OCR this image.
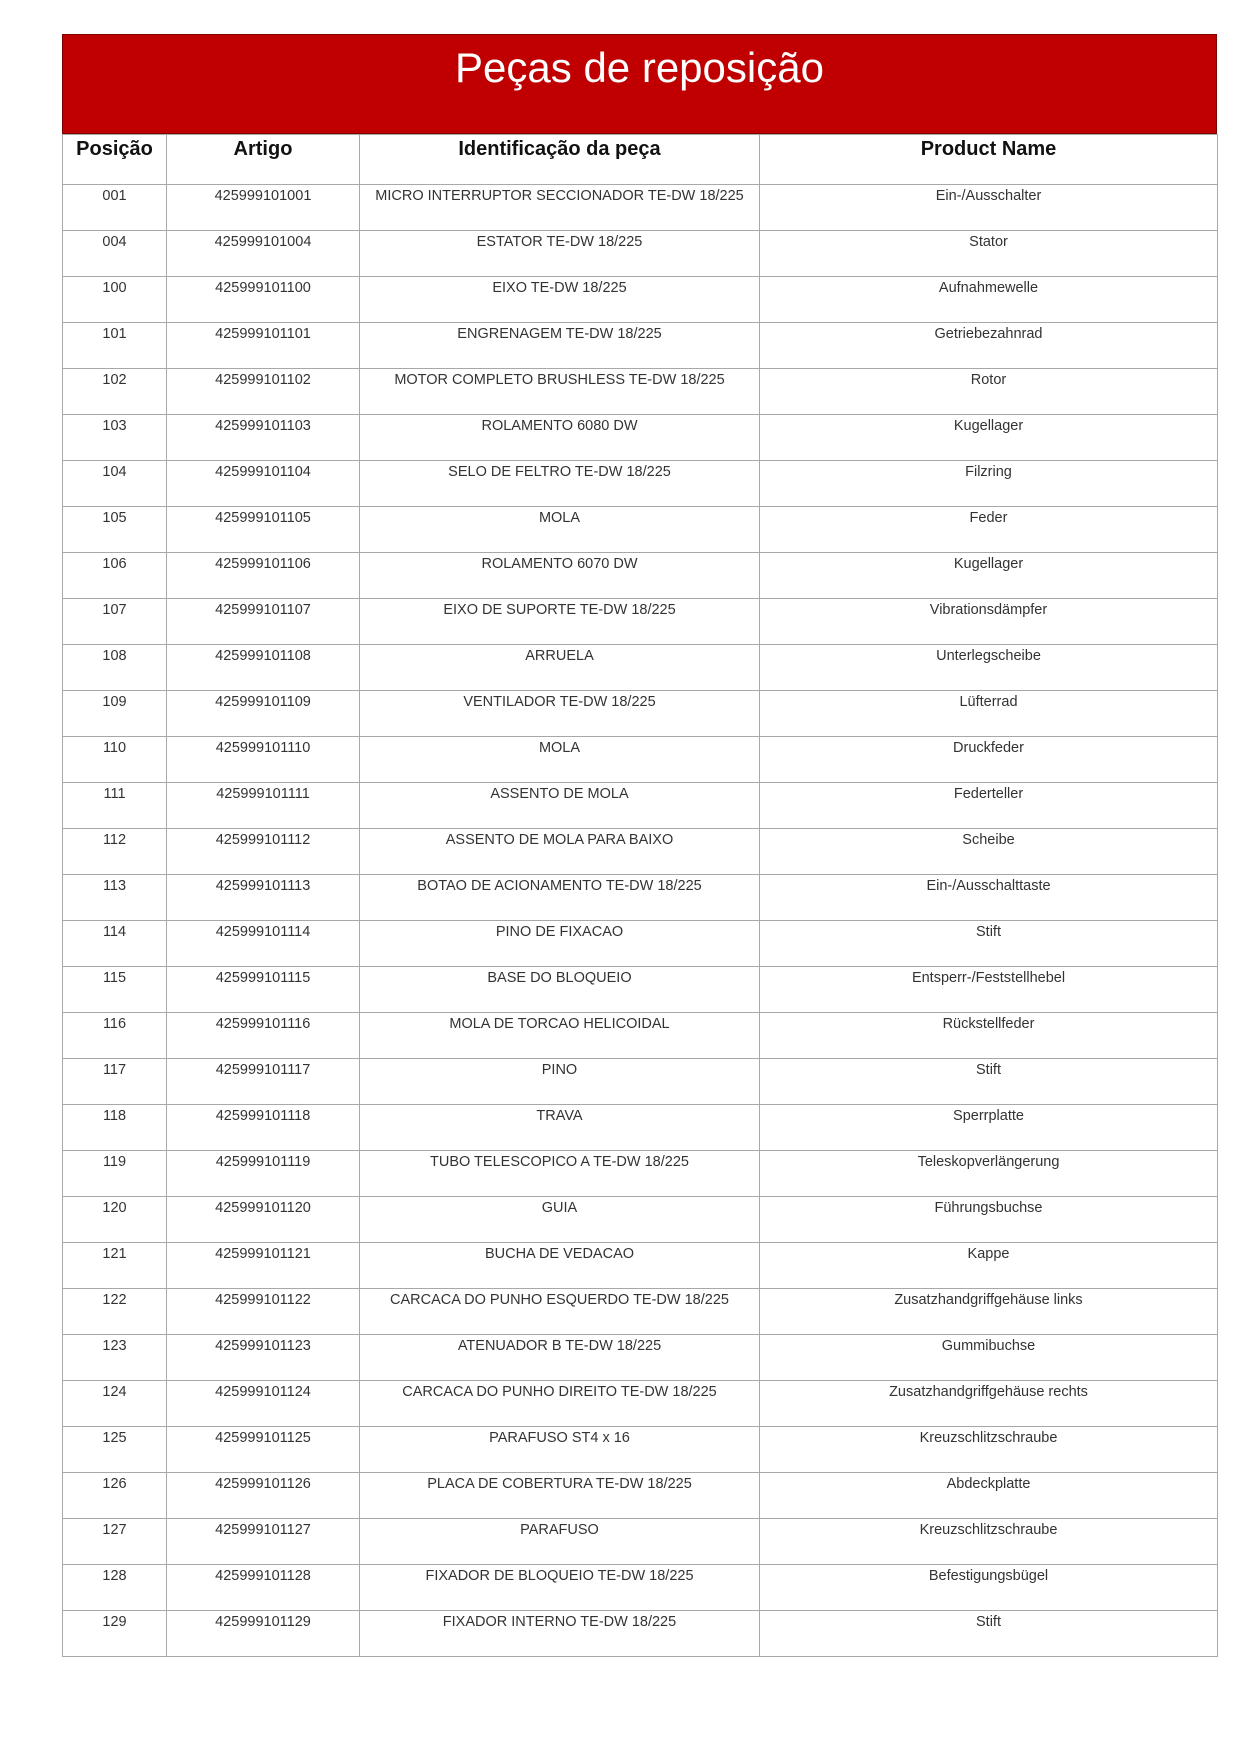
Peças de reposição
Posição	Artigo	Identificação da peça	Product Name
001	425999101001	MICRO INTERRUPTOR SECCIONADOR TE-DW 18/225	Ein-/Ausschalter
004	425999101004	ESTATOR TE-DW 18/225	Stator
100	425999101100	EIXO TE-DW 18/225	Aufnahmewelle
101	425999101101	ENGRENAGEM TE-DW 18/225	Getriebezahnrad
102	425999101102	MOTOR COMPLETO BRUSHLESS TE-DW 18/225	Rotor
103	425999101103	ROLAMENTO 6080 DW	Kugellager
104	425999101104	SELO DE FELTRO TE-DW 18/225	Filzring
105	425999101105	MOLA	Feder
106	425999101106	ROLAMENTO 6070 DW	Kugellager
107	425999101107	EIXO DE SUPORTE TE-DW 18/225	Vibrationsdämpfer
108	425999101108	ARRUELA	Unterlegscheibe
109	425999101109	VENTILADOR TE-DW 18/225	Lüfterrad
110	425999101110	MOLA	Druckfeder
111	425999101111	ASSENTO DE MOLA	Federteller
112	425999101112	ASSENTO DE MOLA PARA BAIXO	Scheibe
113	425999101113	BOTAO DE ACIONAMENTO TE-DW 18/225	Ein-/Ausschalttaste
114	425999101114	PINO DE FIXACAO	Stift
115	425999101115	BASE DO BLOQUEIO	Entsperr-/Feststellhebel
116	425999101116	MOLA DE TORCAO HELICOIDAL	Rückstellfeder
117	425999101117	PINO	Stift
118	425999101118	TRAVA	Sperrplatte
119	425999101119	TUBO TELESCOPICO A TE-DW 18/225	Teleskopverlängerung
120	425999101120	GUIA	Führungsbuchse
121	425999101121	BUCHA DE VEDACAO	Kappe
122	425999101122	CARCACA DO PUNHO ESQUERDO TE-DW 18/225	Zusatzhandgriffgehäuse links
123	425999101123	ATENUADOR B TE-DW 18/225	Gummibuchse
124	425999101124	CARCACA DO PUNHO DIREITO TE-DW 18/225	Zusatzhandgriffgehäuse rechts
125	425999101125	PARAFUSO ST4 x 16	Kreuzschlitzschraube
126	425999101126	PLACA DE COBERTURA TE-DW 18/225	Abdeckplatte
127	425999101127	PARAFUSO	Kreuzschlitzschraube
128	425999101128	FIXADOR DE BLOQUEIO TE-DW 18/225	Befestigungsbügel
129	425999101129	FIXADOR INTERNO TE-DW 18/225	Stift
